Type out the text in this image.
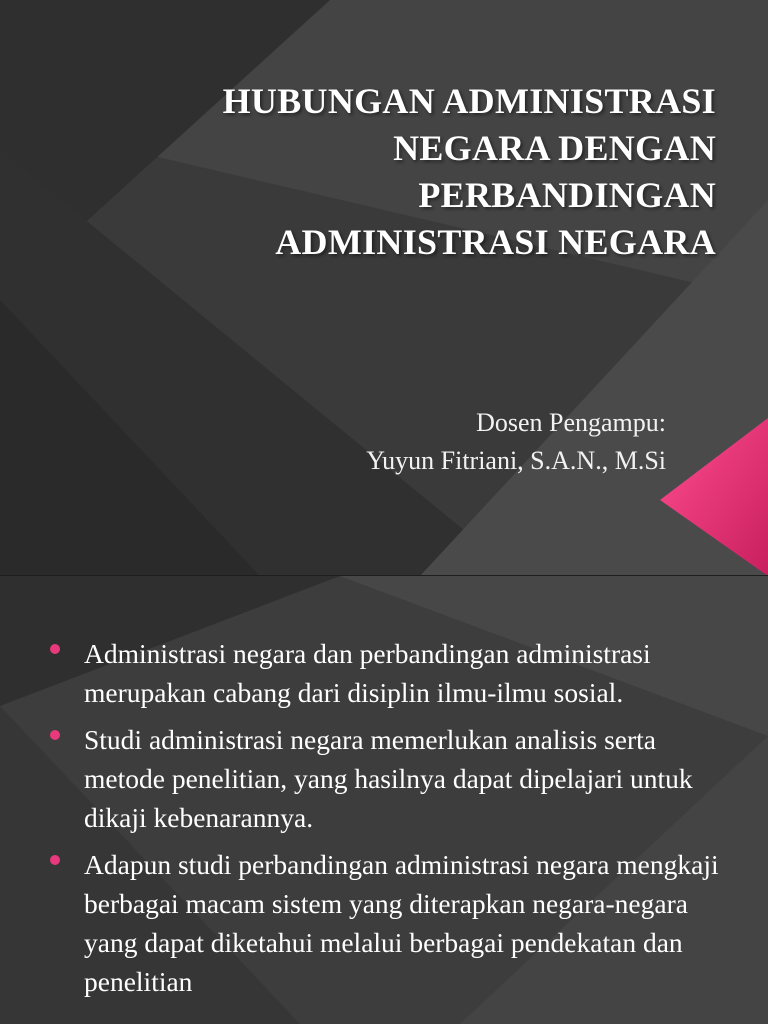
HUBUNGAN ADMINISTRASI
NEGARA DENGAN
PERBANDINGAN
ADMINISTRASI NEGARA
Dosen Pengampu:
Yuyun Fitriani, S.A.N., M.Si
Administrasi negara dan perbandingan administrasi merupakan cabang dari disiplin ilmu-ilmu sosial.
Studi administrasi negara memerlukan analisis serta metode penelitian, yang hasilnya dapat dipelajari untuk dikaji kebenarannya.
Adapun studi perbandingan administrasi negara mengkaji berbagai macam sistem yang diterapkan negara-negara yang dapat diketahui melalui berbagai pendekatan dan penelitian
